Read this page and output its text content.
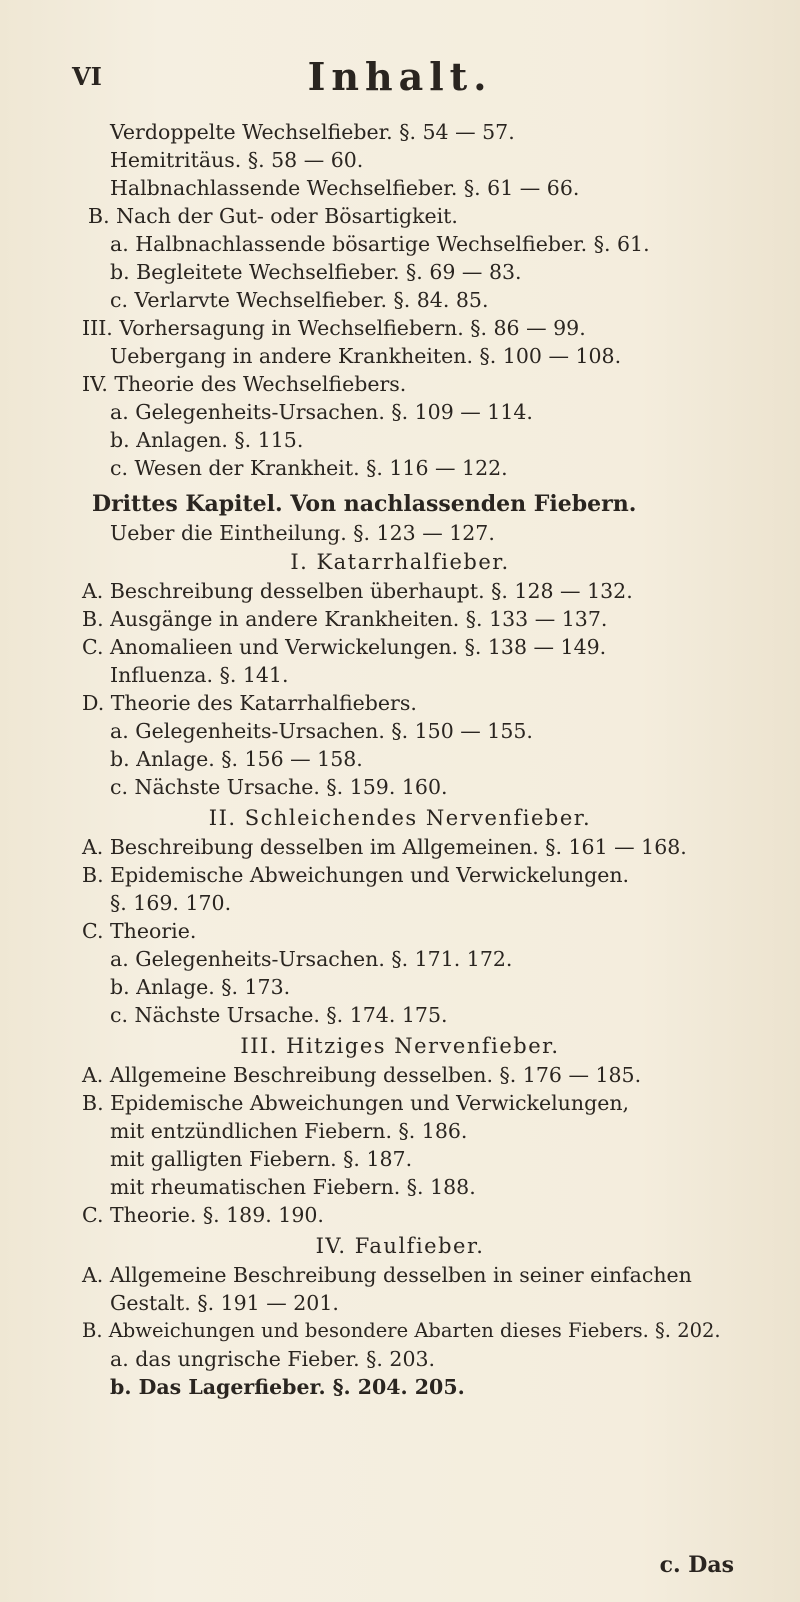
VI	Inhalt.
Verdoppelte Wechselfieber. §. 54 — 57.
Hemitritäus. §. 58 — 60.
Halbnachlassende Wechselfieber. §. 61 — 66.
B. Nach der Gut- oder Bösartigkeit.
a. Halbnachlassende bösartige Wechselfieber. §. 61.
b. Begleitete Wechselfieber. §. 69 — 83.
c. Verlarvte Wechselfieber. §. 84. 85.
III. Vorhersagung in Wechselfiebern. §. 86 — 99.
Uebergang in andere Krankheiten. §. 100 — 108.
IV. Theorie des Wechselfiebers.
a. Gelegenheits-Ursachen. §. 109 — 114.
b. Anlagen. §. 115.
c. Wesen der Krankheit. §. 116 — 122.
Drittes Kapitel. Von nachlassenden Fiebern.
Ueber die Eintheilung. §. 123 — 127.
I. Katarrhalfieber.
A. Beschreibung desselben überhaupt. §. 128 — 132.
B. Ausgänge in andere Krankheiten. §. 133 — 137.
C. Anomalieen und Verwickelungen. §. 138 — 149.
Influenza. §. 141.
D. Theorie des Katarrhalfiebers.
a. Gelegenheits-Ursachen. §. 150 — 155.
b. Anlage. §. 156 — 158.
c. Nächste Ursache. §. 159. 160.
II. Schleichendes Nervenfieber.
A. Beschreibung desselben im Allgemeinen. §. 161 — 168.
B. Epidemische Abweichungen und Verwickelungen.
§. 169. 170.
C. Theorie.
a. Gelegenheits-Ursachen. §. 171. 172.
b. Anlage. §. 173.
c. Nächste Ursache. §. 174. 175.
III. Hitziges Nervenfieber.
A. Allgemeine Beschreibung desselben. §. 176 — 185.
B. Epidemische Abweichungen und Verwickelungen,
mit entzündlichen Fiebern. §. 186.
mit galligten Fiebern. §. 187.
mit rheumatischen Fiebern. §. 188.
C. Theorie. §. 189. 190.
IV. Faulfieber.
A. Allgemeine Beschreibung desselben in seiner einfachen
Gestalt. §. 191 — 201.
B. Abweichungen und besondere Abarten dieses Fiebers. §. 202.
a. das ungrische Fieber. §. 203.
b. Das Lagerfieber. §. 204. 205.
c. Das
